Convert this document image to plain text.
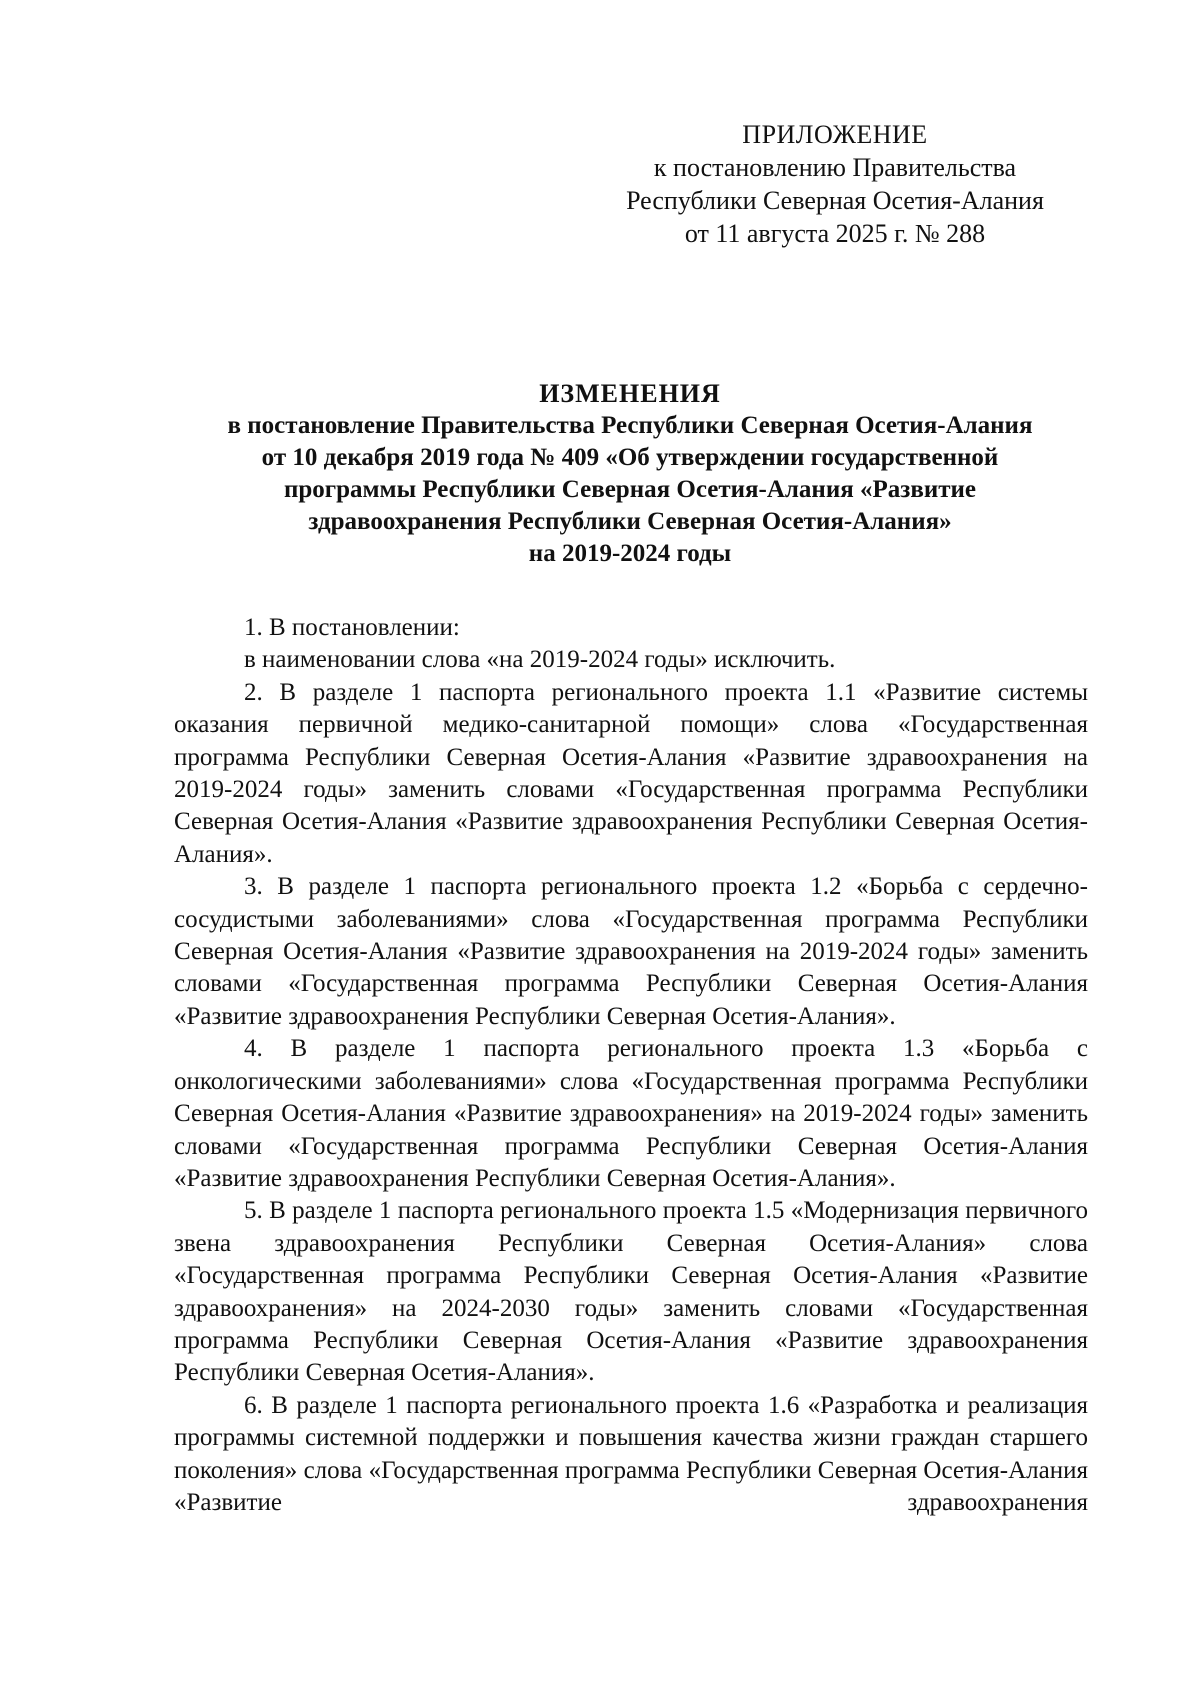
ПРИЛОЖЕНИЕ
к постановлению Правительства
Республики Северная Осетия-Алания
от 11 августа 2025 г. № 288
ИЗМЕНЕНИЯ
в постановление Правительства Республики Северная Осетия-Алания
от 10 декабря 2019 года № 409 «Об утверждении государственной
программы Республики Северная Осетия-Алания «Развитие
здравоохранения Республики Северная Осетия-Алания»
на 2019-2024 годы

1. В постановлении:

в наименовании слова «на 2019-2024 годы» исключить.

2. В разделе 1 паспорта регионального проекта 1.1 «Развитие системы оказания первичной медико-санитарной помощи» слова «Государственная программа Республики Северная Осетия-Алания «Развитие здравоохранения на 2019-2024 годы» заменить словами «Государственная программа Республики Северная Осетия-Алания «Развитие здравоохранения Республики Северная Осетия-Алания».

3. В разделе 1 паспорта регионального проекта 1.2 «Борьба с сердечно-сосудистыми заболеваниями» слова «Государственная программа Республики Северная Осетия-Алания «Развитие здравоохранения на 2019-2024 годы» заменить словами «Государственная программа Республики Северная Осетия-Алания «Развитие здравоохранения Республики Северная Осетия-Алания».

4. В разделе 1 паспорта регионального проекта 1.3 «Борьба с онкологическими заболеваниями» слова «Государственная программа Республики Северная Осетия-Алания «Развитие здравоохранения» на 2019-2024 годы» заменить словами «Государственная программа Республики Северная Осетия-Алания «Развитие здравоохранения Республики Северная Осетия-Алания».

5. В разделе 1 паспорта регионального проекта 1.5 «Модернизация первичного звена здравоохранения Республики Северная Осетия-Алания» слова «Государственная программа Республики Северная Осетия-Алания «Развитие здравоохранения» на 2024-2030 годы» заменить словами «Государственная программа Республики Северная Осетия-Алания «Развитие здравоохранения Республики Северная Осетия-Алания».

6. В разделе 1 паспорта регионального проекта 1.6 «Разработка и реализация программы системной поддержки и повышения качества жизни граждан старшего поколения» слова «Государственная программа Республики Северная Осетия-Алания «Развитие здравоохранения
